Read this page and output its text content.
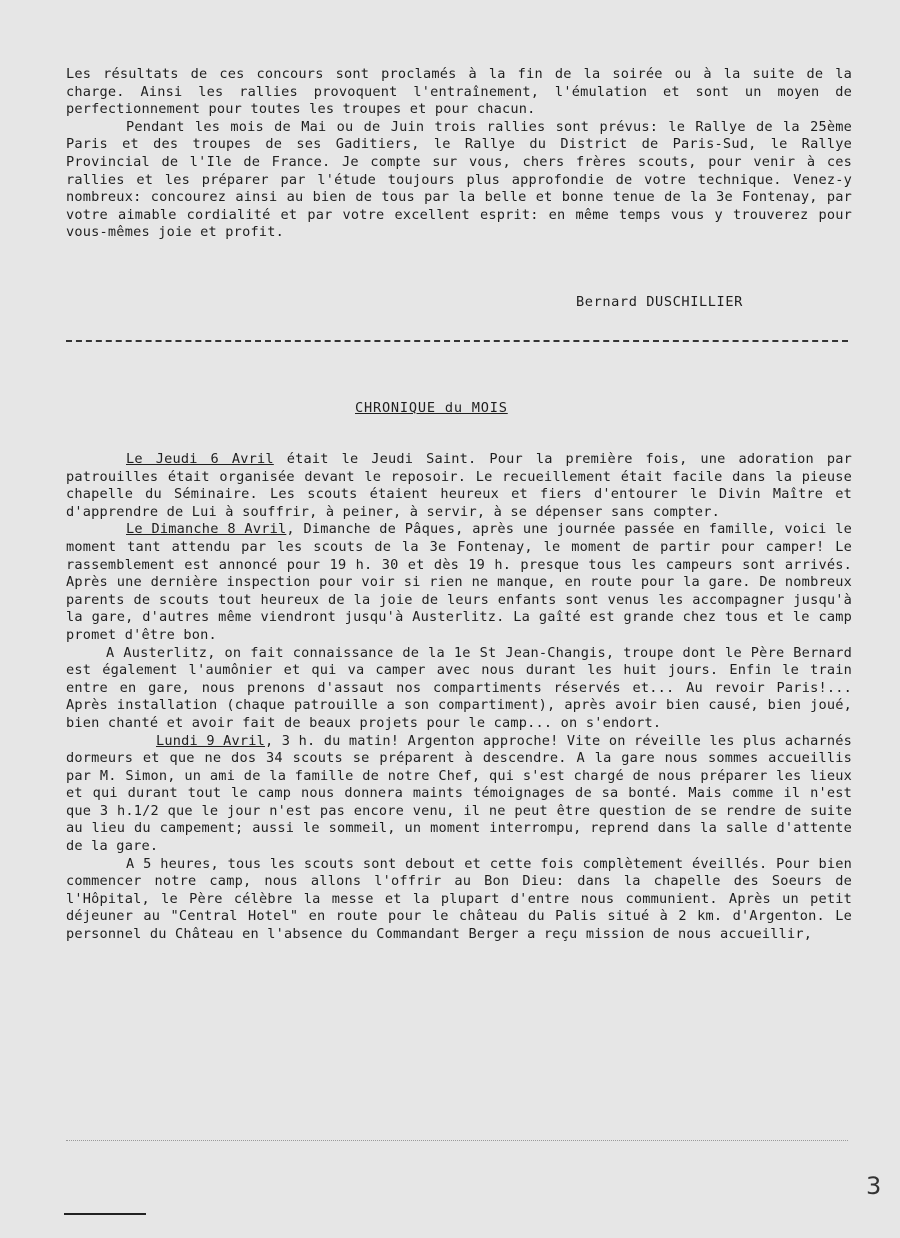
Les résultats de ces concours sont proclamés à la fin de la soirée ou à la suite de la charge. Ainsi les rallies provoquent l'entraînement, l'émulation et sont un moyen de perfectionnement pour toutes les troupes et pour chacun.

Pendant les mois de Mai ou de Juin trois rallies sont prévus: le Rallye de la 25ème Paris et des troupes de ses Gaditiers, le Rallye du District de Paris-Sud, le Rallye Provincial de l'Ile de France. Je compte sur vous, chers frères scouts, pour venir à ces rallies et les préparer par l'étude toujours plus approfondie de votre technique. Venez-y nombreux: concourez ainsi au bien de tous par la belle et bonne tenue de la 3e Fontenay, par votre aimable cordialité et par votre excellent esprit: en même temps vous y trouverez pour vous-mêmes joie et profit.

Bernard DUSCHILLIER
CHRONIQUE du MOIS

Le Jeudi 6 Avril était le Jeudi Saint. Pour la première fois, une adoration par patrouilles était organisée devant le reposoir. Le recueillement était facile dans la pieuse chapelle du Séminaire. Les scouts étaient heureux et fiers d'entourer le Divin Maître et d'apprendre de Lui à souffrir, à peiner, à servir, à se dépenser sans compter.

Le Dimanche 8 Avril, Dimanche de Pâques, après une journée passée en famille, voici le moment tant attendu par les scouts de la 3e Fontenay, le moment de partir pour camper! Le rassemblement est annoncé pour 19 h. 30 et dès 19 h. presque tous les campeurs sont arrivés. Après une dernière inspection pour voir si rien ne manque, en route pour la gare. De nombreux parents de scouts tout heureux de la joie de leurs enfants sont venus les accompagner jusqu'à la gare, d'autres même viendront jusqu'à Austerlitz. La gaîté est grande chez tous et le camp promet d'être bon.

A Austerlitz, on fait connaissance de la 1e St Jean-Changis, troupe dont le Père Bernard est également l'aumônier et qui va camper avec nous durant les huit jours. Enfin le train entre en gare, nous prenons d'assaut nos compartiments réservés et... Au revoir Paris!... Après installation (chaque patrouille a son compartiment), après avoir bien causé, bien joué, bien chanté et avoir fait de beaux projets pour le camp... on s'endort.

Lundi 9 Avril, 3 h. du matin! Argenton approche! Vite on réveille les plus acharnés dormeurs et que ne dos 34 scouts se préparent à descendre. A la gare nous sommes accueillis par M. Simon, un ami de la famille de notre Chef, qui s'est chargé de nous préparer les lieux et qui durant tout le camp nous donnera maints témoignages de sa bonté. Mais comme il n'est que 3 h.1/2 que le jour n'est pas encore venu, il ne peut être question de se rendre de suite au lieu du campement; aussi le sommeil, un moment interrompu, reprend dans la salle d'attente de la gare.

A 5 heures, tous les scouts sont debout et cette fois complètement éveillés. Pour bien commencer notre camp, nous allons l'offrir au Bon Dieu: dans la chapelle des Soeurs de l'Hôpital, le Père célèbre la messe et la plupart d'entre nous communient. Après un petit déjeuner au "Central Hotel" en route pour le château du Palis situé à 2 km. d'Argenton. Le personnel du Château en l'absence du Commandant Berger a reçu mission de nous accueillir,

3
